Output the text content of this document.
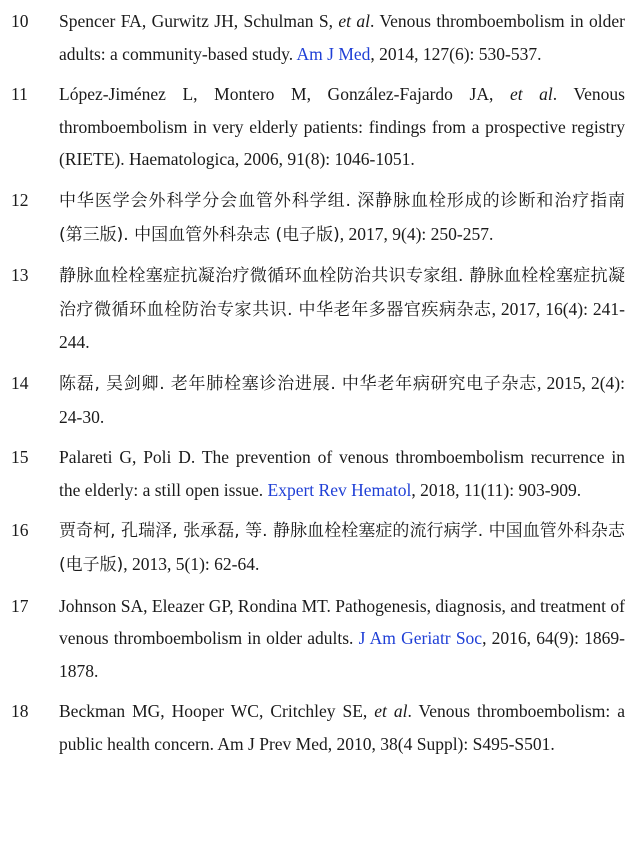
10	Spencer FA, Gurwitz JH, Schulman S, et al. Venous thromboembolism in older adults: a community-based study. Am J Med, 2014, 127(6): 530-537.
11	López-Jiménez L, Montero M, González-Fajardo JA, et al. Venous thromboembolism in very elderly patients: findings from a prospective registry (RIETE). Haematologica, 2006, 91(8): 1046-1051.
12	中华医学会外科学分会血管外科学组. 深静脉血栓形成的诊断和治疗指南 (第三版). 中国血管外科杂志 (电子版), 2017, 9(4): 250-257.
13	静脉血栓栓塞症抗凝治疗微循环血栓防治共识专家组. 静脉血栓栓塞症抗凝治疗微循环血栓防治专家共识. 中华老年多器官疾病杂志, 2017, 16(4): 241-244.
14	陈磊, 吴剑卿. 老年肺栓塞诊治进展. 中华老年病研究电子杂志, 2015, 2(4): 24-30.
15	Palareti G, Poli D. The prevention of venous thromboembolism recurrence in the elderly: a still open issue. Expert Rev Hematol, 2018, 11(11): 903-909.
16	贾奇柯, 孔瑞泽, 张承磊, 等. 静脉血栓栓塞症的流行病学. 中国血管外科杂志 (电子版), 2013, 5(1): 62-64.
17	Johnson SA, Eleazer GP, Rondina MT. Pathogenesis, diagnosis, and treatment of venous thromboembolism in older adults. J Am Geriatr Soc, 2016, 64(9): 1869-1878.
18	Beckman MG, Hooper WC, Critchley SE, et al. Venous thromboembolism: a public health concern. Am J Prev Med, 2010, 38(4 Suppl): S495-S501.
